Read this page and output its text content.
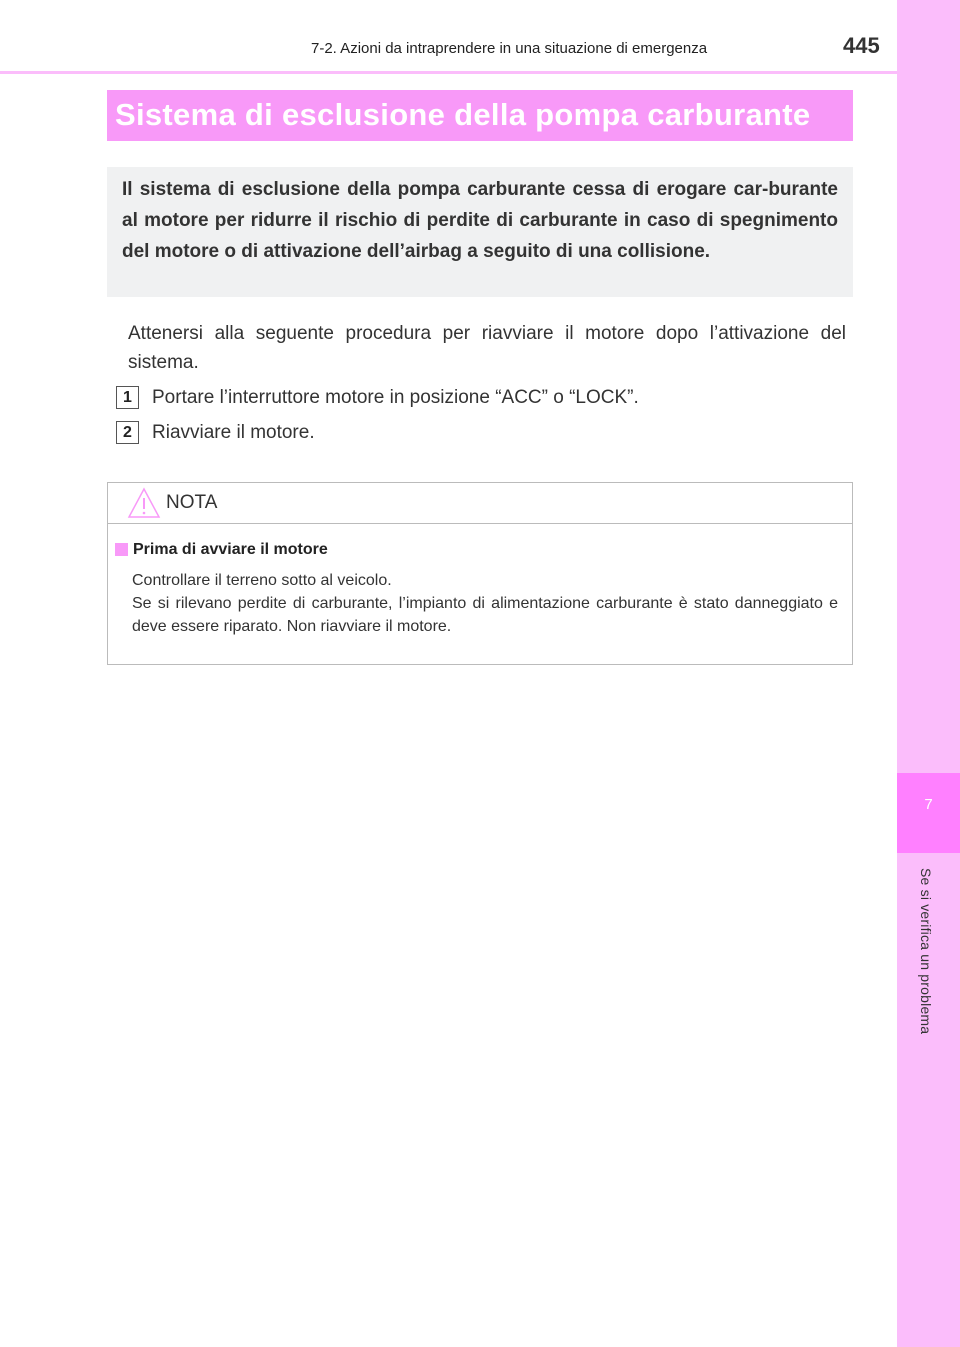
7
Se si verifica un problema
7-2. Azioni da intraprendere in una situazione di emergenza	445
Sistema di esclusione della pompa carburante
Il sistema di esclusione della pompa carburante cessa di erogare car-burante al motore per ridurre il rischio di perdite di carburante in caso di spegnimento del motore o di attivazione dell’airbag a seguito di una collisione.
Attenersi alla seguente procedura per riavviare il motore dopo l’attivazione del sistema.
1	Portare l’interruttore motore in posizione “ACC” o “LOCK”.
2	Riavviare il motore.
NOTA
Prima di avviare il motore
Controllare il terreno sotto al veicolo.
Se si rilevano perdite di carburante, l’impianto di alimentazione carburante è stato danneggiato e deve essere riparato. Non riavviare il motore.
